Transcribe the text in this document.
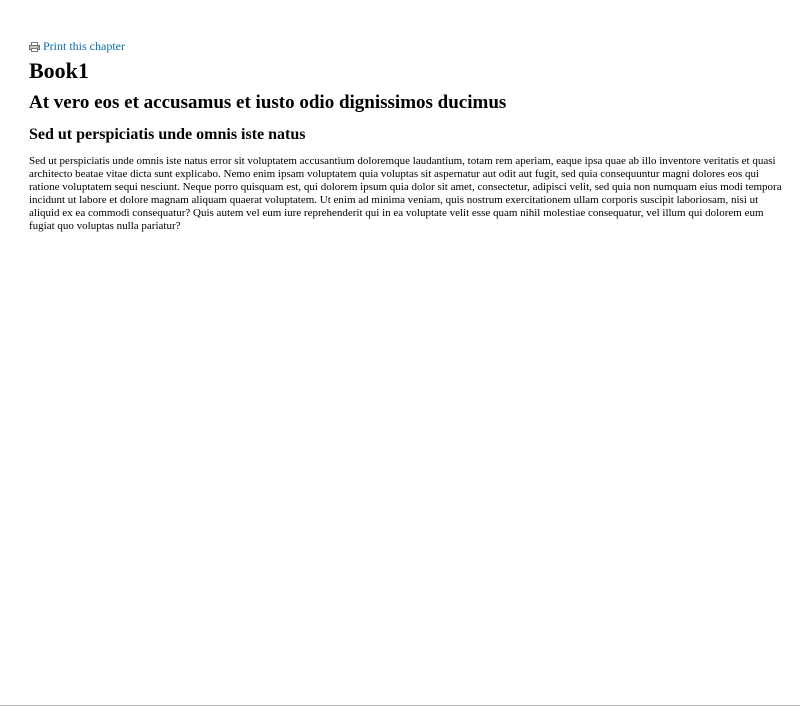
Print this chapter
Book1
At vero eos et accusamus et iusto odio dignissimos ducimus
Sed ut perspiciatis unde omnis iste natus

Sed ut perspiciatis unde omnis iste natus error sit voluptatem accusantium doloremque laudantium, totam rem aperiam, eaque ipsa quae ab illo inventore veritatis et quasi architecto beatae vitae dicta sunt explicabo. Nemo enim ipsam voluptatem quia voluptas sit aspernatur aut odit aut fugit, sed quia consequuntur magni dolores eos qui ratione voluptatem sequi nesciunt. Neque porro quisquam est, qui dolorem ipsum quia dolor sit amet, consectetur, adipisci velit, sed quia non numquam eius modi tempora incidunt ut labore et dolore magnam aliquam quaerat voluptatem. Ut enim ad minima veniam, quis nostrum exercitationem ullam corporis suscipit laboriosam, nisi ut aliquid ex ea commodi consequatur? Quis autem vel eum iure reprehenderit qui in ea voluptate velit esse quam nihil molestiae consequatur, vel illum qui dolorem eum fugiat quo voluptas nulla pariatur?
